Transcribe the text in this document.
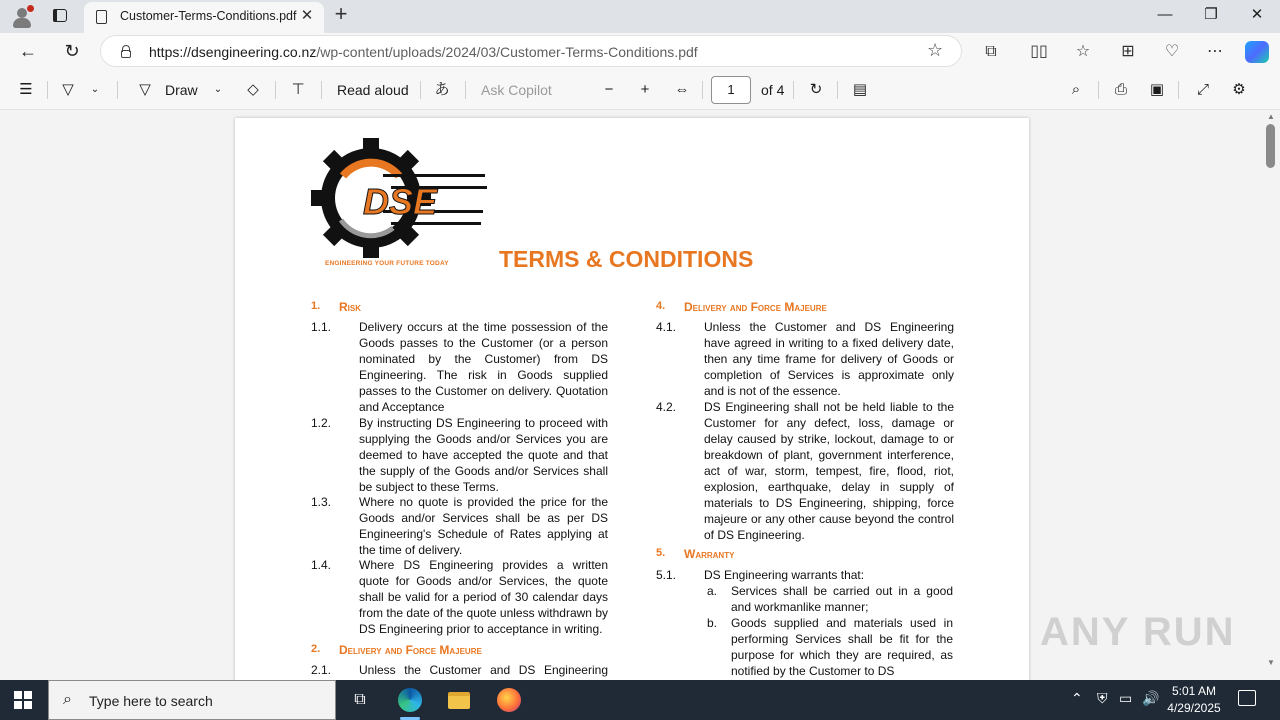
Customer-Terms-Conditions.pdf ✕ +	—	❐	✕
←	↻	https://dsengineering.co.nz/wp-content/uploads/2024/03/Customer-Terms-Conditions.pdf	☆	⧉	▯▯	☆	⊞	♡	⋯
☰	▽	⌄	▽	Draw	⌄	◇	⊤	Read aloud あ Ask Copilot	−	+	⇔	1	of 4	↻	▤	⌕	⎙	▣	⤢	⚙
DSE
ENGINEERING YOUR FUTURE TODAY TERMS & CONDITIONS
1. Risk
1.1. Delivery occurs at the time possession of the Goods passes to the Customer (or a person nominated by the Customer) from DS Engineering. The risk in Goods supplied passes to the Customer on delivery. Quotation and Acceptance
1.2. By instructing DS Engineering to proceed with supplying the Goods and/or Services you are deemed to have accepted the quote and that the supply of the Goods and/or Services shall be subject to these Terms.
1.3. Where no quote is provided the price for the Goods and/or Services shall be as per DS Engineering's Schedule of Rates applying at the time of delivery.
1.4. Where DS Engineering provides a written quote for Goods and/or Services, the quote shall be valid for a period of 30 calendar days from the date of the quote unless withdrawn by DS Engineering prior to acceptance in writing.
2. Delivery and Force Majeure
2.1. Unless the Customer and DS Engineering
4. Delivery and Force Majeure
4.1. Unless the Customer and DS Engineering have agreed in writing to a fixed delivery date, then any time frame for delivery of Goods or completion of Services is approximate only and is not of the essence.
4.2. DS Engineering shall not be held liable to the Customer for any defect, loss, damage or delay caused by strike, lockout, damage to or breakdown of plant, government interference, act of war, storm, tempest, fire, flood, riot, explosion, earthquake, delay in supply of materials to DS Engineering, shipping, force majeure or any other cause beyond the control of DS Engineering.
5. Warranty
5.1. DS Engineering warrants that:
a. Services shall be carried out in a good and workmanlike manner;
b. Goods supplied and materials used in performing Services shall be fit for the purpose for which they are required, as notified by the Customer to DS
▲
▼
ANY RUN
⌕ Type here to search	⧉	⌃ ⛨ ▭ 🔊	5:01 AM
4/29/2025
